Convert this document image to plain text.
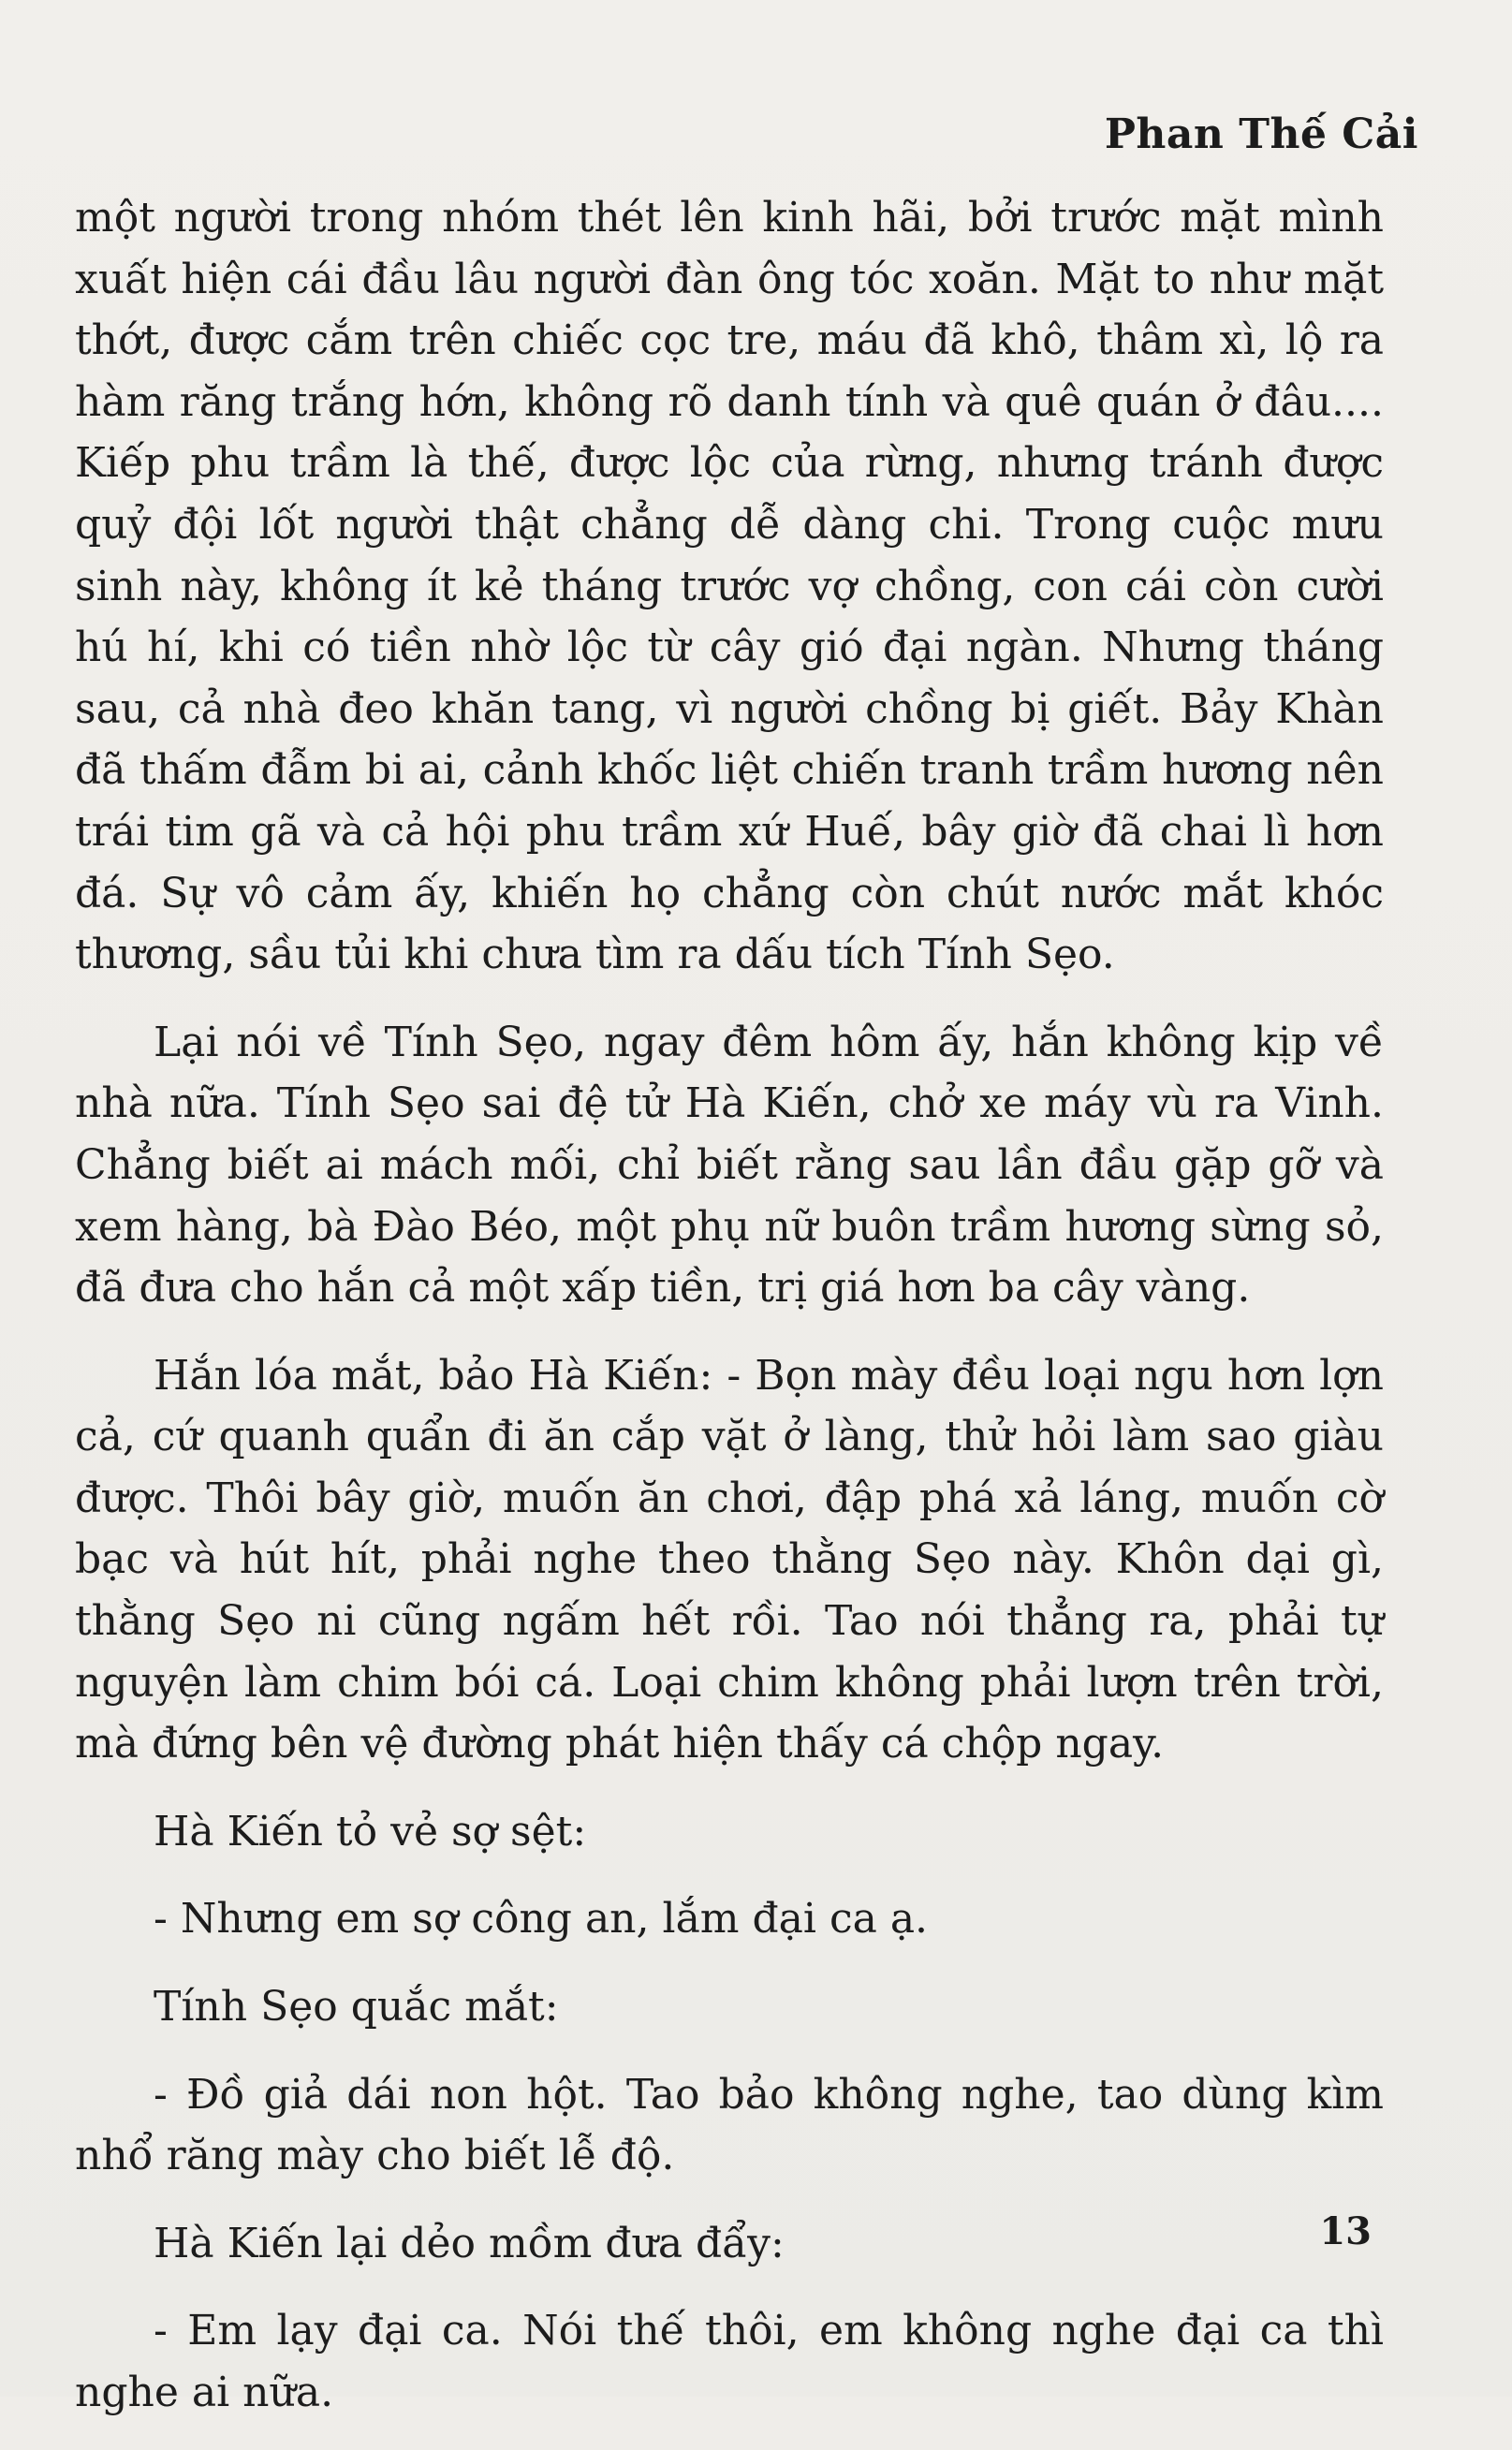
Phan Thế Cải

một người trong nhóm thét lên kinh hãi, bởi trước mặt mình xuất hiện cái đầu lâu người đàn ông tóc xoăn. Mặt to như mặt thớt, được cắm trên chiếc cọc tre, máu đã khô, thâm xì, lộ ra hàm răng trắng hớn, không rõ danh tính và quê quán ở đâu.... Kiếp phu trầm là thế, được lộc của rừng, nhưng tránh được quỷ đội lốt người thật chẳng dễ dàng chi. Trong cuộc mưu sinh này, không ít kẻ tháng trước vợ chồng, con cái còn cười hú hí, khi có tiền nhờ lộc từ cây gió đại ngàn. Nhưng tháng sau, cả nhà đeo khăn tang, vì người chồng bị giết. Bảy Khàn đã thấm đẫm bi ai, cảnh khốc liệt chiến tranh trầm hương nên trái tim gã và cả hội phu trầm xứ Huế, bây giờ đã chai lì hơn đá. Sự vô cảm ấy, khiến họ chẳng còn chút nước mắt khóc thương, sầu tủi khi chưa tìm ra dấu tích Tính Sẹo.

Lại nói về Tính Sẹo, ngay đêm hôm ấy, hắn không kịp về nhà nữa. Tính Sẹo sai đệ tử Hà Kiến, chở xe máy vù ra Vinh. Chẳng biết ai mách mối, chỉ biết rằng sau lần đầu gặp gỡ và xem hàng, bà Đào Béo, một phụ nữ buôn trầm hương sừng sỏ, đã đưa cho hắn cả một xấp tiền, trị giá hơn ba cây vàng.

Hắn lóa mắt, bảo Hà Kiến: - Bọn mày đều loại ngu hơn lợn cả, cứ quanh quẩn đi ăn cắp vặt ở làng, thử hỏi làm sao giàu được. Thôi bây giờ, muốn ăn chơi, đập phá xả láng, muốn cờ bạc và hút hít, phải nghe theo thằng Sẹo này. Khôn dại gì, thằng Sẹo ni cũng ngấm hết rồi. Tao nói thẳng ra, phải tự nguyện làm chim bói cá. Loại chim không phải lượn trên trời, mà đứng bên vệ đường phát hiện thấy cá chộp ngay.

Hà Kiến tỏ vẻ sợ sệt:

- Nhưng em sợ công an, lắm đại ca ạ.

Tính Sẹo quắc mắt:

- Đồ giả dái non hột. Tao bảo không nghe, tao dùng kìm nhổ răng mày cho biết lễ độ.

Hà Kiến lại dẻo mồm đưa đẩy:

- Em lạy đại ca. Nói thế thôi, em không nghe đại ca thì nghe ai nữa.

13
